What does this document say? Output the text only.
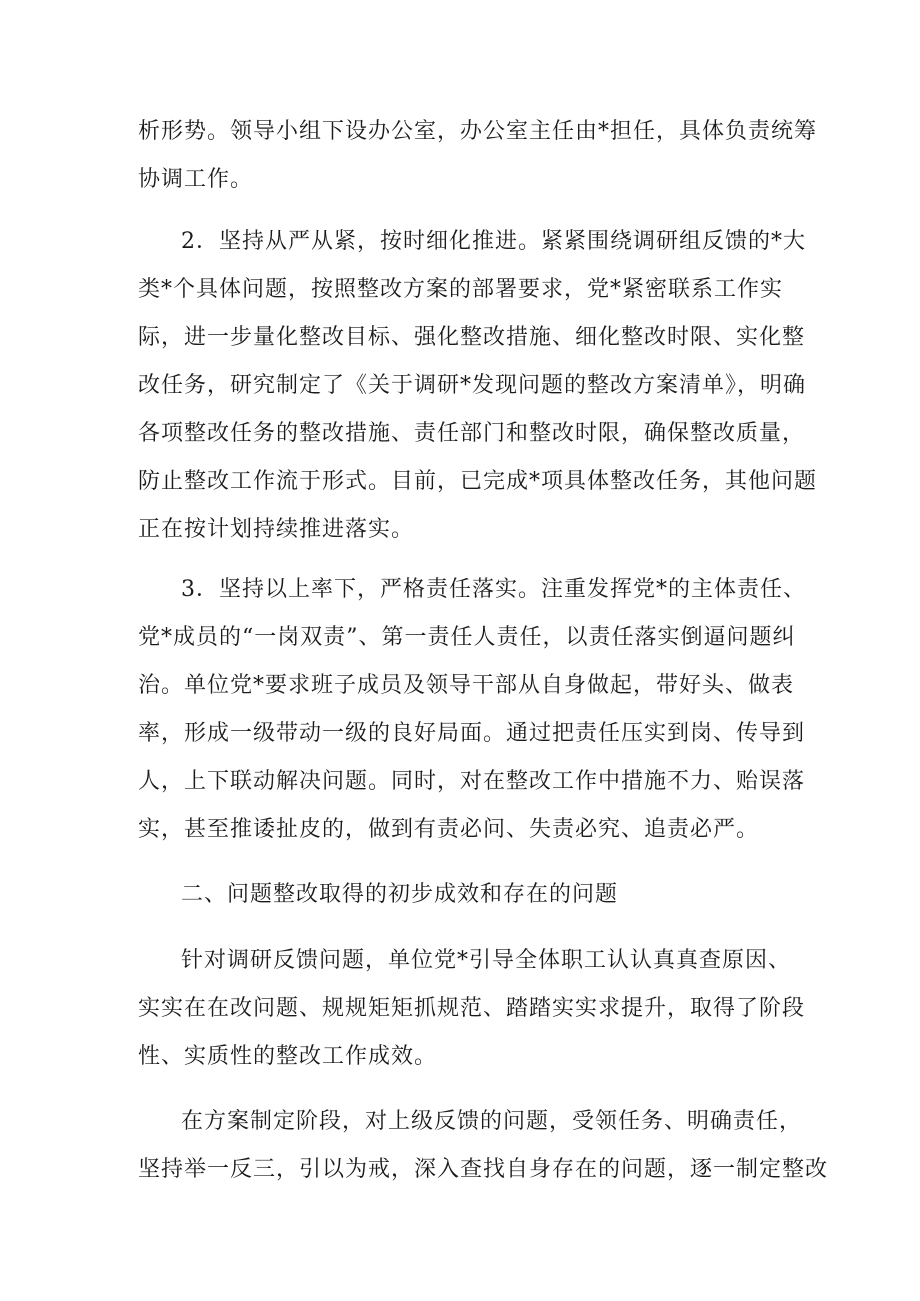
析形势。领导小组下设办公室，办公室主任由*担任，具体负责统筹
协调工作。
2．坚持从严从紧，按时细化推进。紧紧围绕调研组反馈的*大
类*个具体问题，按照整改方案的部署要求，党*紧密联系工作实
际，进一步量化整改目标、强化整改措施、细化整改时限、实化整
改任务，研究制定了《关于调研*发现问题的整改方案清单》，明确
各项整改任务的整改措施、责任部门和整改时限，确保整改质量，
防止整改工作流于形式。目前，已完成*项具体整改任务，其他问题
正在按计划持续推进落实。
3．坚持以上率下，严格责任落实。注重发挥党*的主体责任、
党*成员的“一岗双责”、第一责任人责任，以责任落实倒逼问题纠
治。单位党*要求班子成员及领导干部从自身做起，带好头、做表
率，形成一级带动一级的良好局面。通过把责任压实到岗、传导到
人，上下联动解决问题。同时，对在整改工作中措施不力、贻误落
实，甚至推诿扯皮的，做到有责必问、失责必究、追责必严。
二、问题整改取得的初步成效和存在的问题
针对调研反馈问题，单位党*引导全体职工认认真真查原因、
实实在在改问题、规规矩矩抓规范、踏踏实实求提升，取得了阶段
性、实质性的整改工作成效。
在方案制定阶段，对上级反馈的问题，受领任务、明确责任，
坚持举一反三，引以为戒，深入查找自身存在的问题，逐一制定整改
